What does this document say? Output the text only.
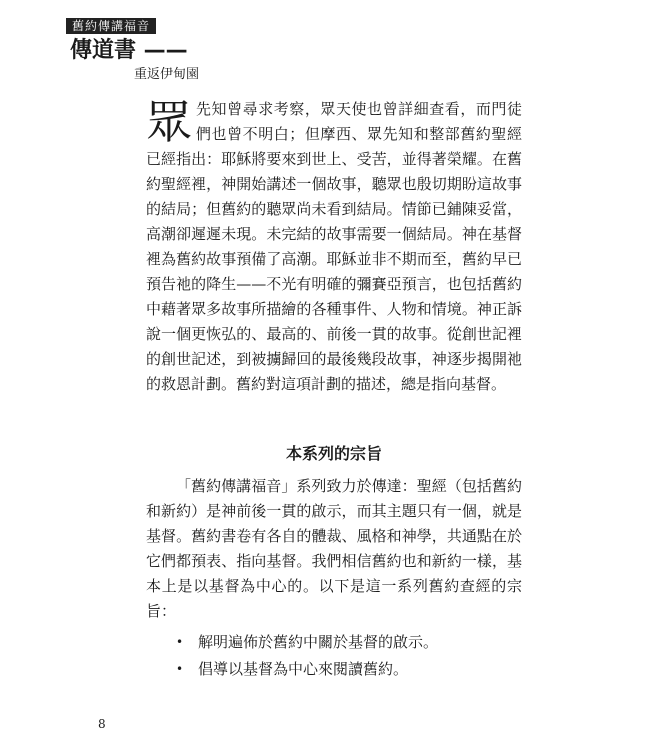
舊約傳講福音
傳道書 ——
重返伊甸園

眾先知曾尋求考察，眾天使也曾詳細查看，而門徒們也曾不明白；但摩西、眾先知和整部舊約聖經已經指出：耶穌將要來到世上、受苦，並得著榮耀。在舊約聖經裡，神開始講述一個故事，聽眾也殷切期盼這故事的結局；但舊約的聽眾尚未看到結局。情節已鋪陳妥當，高潮卻遲遲未現。未完結的故事需要一個結局。神在基督裡為舊約故事預備了高潮。耶穌並非不期而至，舊約早已預告祂的降生——不光有明確的彌賽亞預言，也包括舊約中藉著眾多故事所描繪的各種事件、人物和情境。神正訴說一個更恢弘的、最高的、前後一貫的故事。從創世記裡的創世記述，到被擄歸回的最後幾段故事，神逐步揭開祂的救恩計劃。舊約對這項計劃的描述，總是指向基督。

本系列的宗旨

「舊約傳講福音」系列致力於傳達：聖經（包括舊約和新約）是神前後一貫的啟示，而其主題只有一個，就是基督。舊約書卷有各自的體裁、風格和神學，共通點在於它們都預表、指向基督。我們相信舊約也和新約一樣，基本上是以基督為中心的。以下是這一系列舊約查經的宗旨：

• 解明遍佈於舊約中關於基督的啟示。
• 倡導以基督為中心來閱讀舊約。
8
